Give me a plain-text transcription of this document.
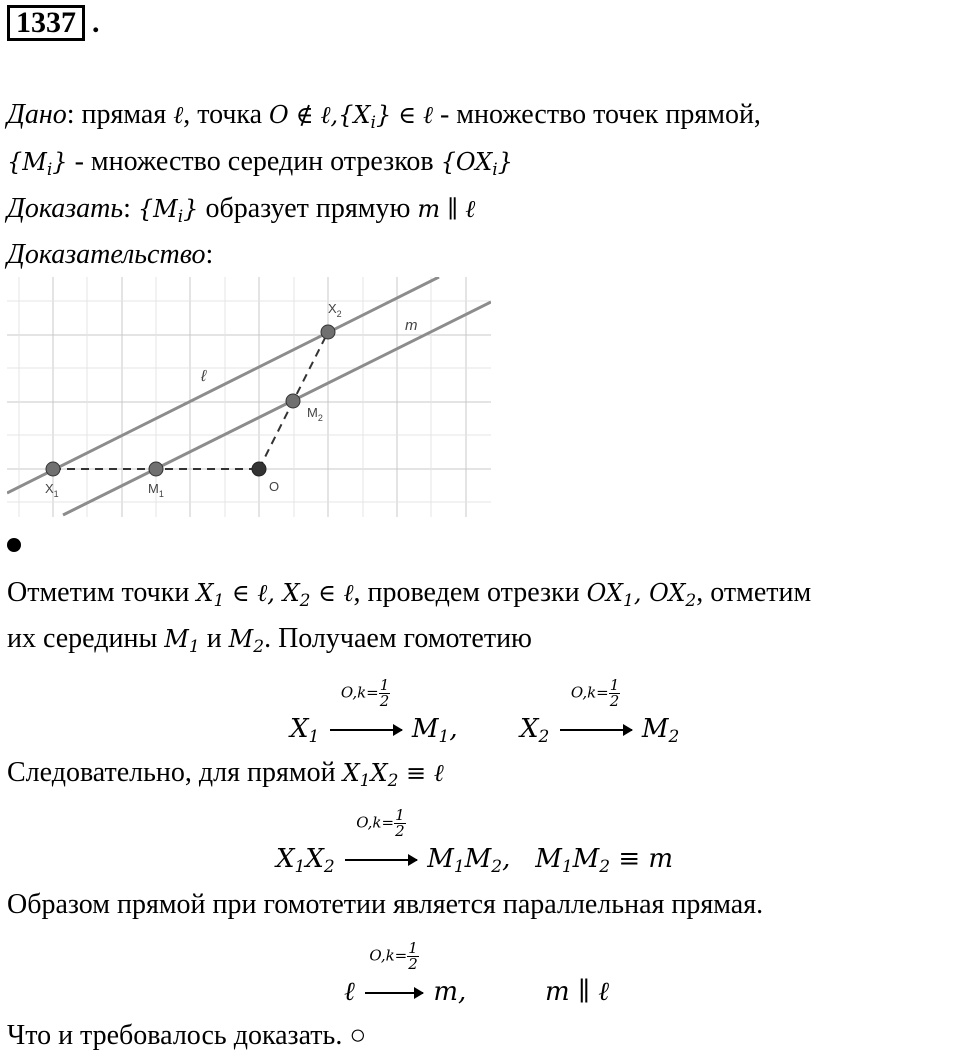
1337 .
Дано: прямая ℓ, точка O ∉ $\ell,\{X_i\}$ ∈ ℓ - множество точек прямой,
$\{M_i\}$ - множество середин отрезков $\{OX_i\}$
Доказать: $\{M_i\}$ образует прямую m ∥ ℓ
Доказательство:
$X_1$	$M_1$	O
$M_2$
$X_2$
ℓ
m
Отметим точки $X_1$ ∈ ℓ, $X_2$ ∈ ℓ, проведем отрезки $OX_1$, $OX_2$, отметим
их середины $M_1$ и $M_2$. Получаем гомотетию
$X_1$
$O,k= \frac{1}{2}$
$M_1$, $X_2$
$O,k= \frac{1}{2}$
$M_2$
Следовательно, для прямой $X_1X_2$ ≡ ℓ
$X_1X_2$
$O,k= \frac{1}{2}$
$M_1M_2$, $M_1M_2 \equiv m$
Образом прямой при гомотетии является параллельная прямая.
ℓ
$O,k= \frac{1}{2}$
m,	m ∥ ℓ
Что и требовалось доказать. ○
